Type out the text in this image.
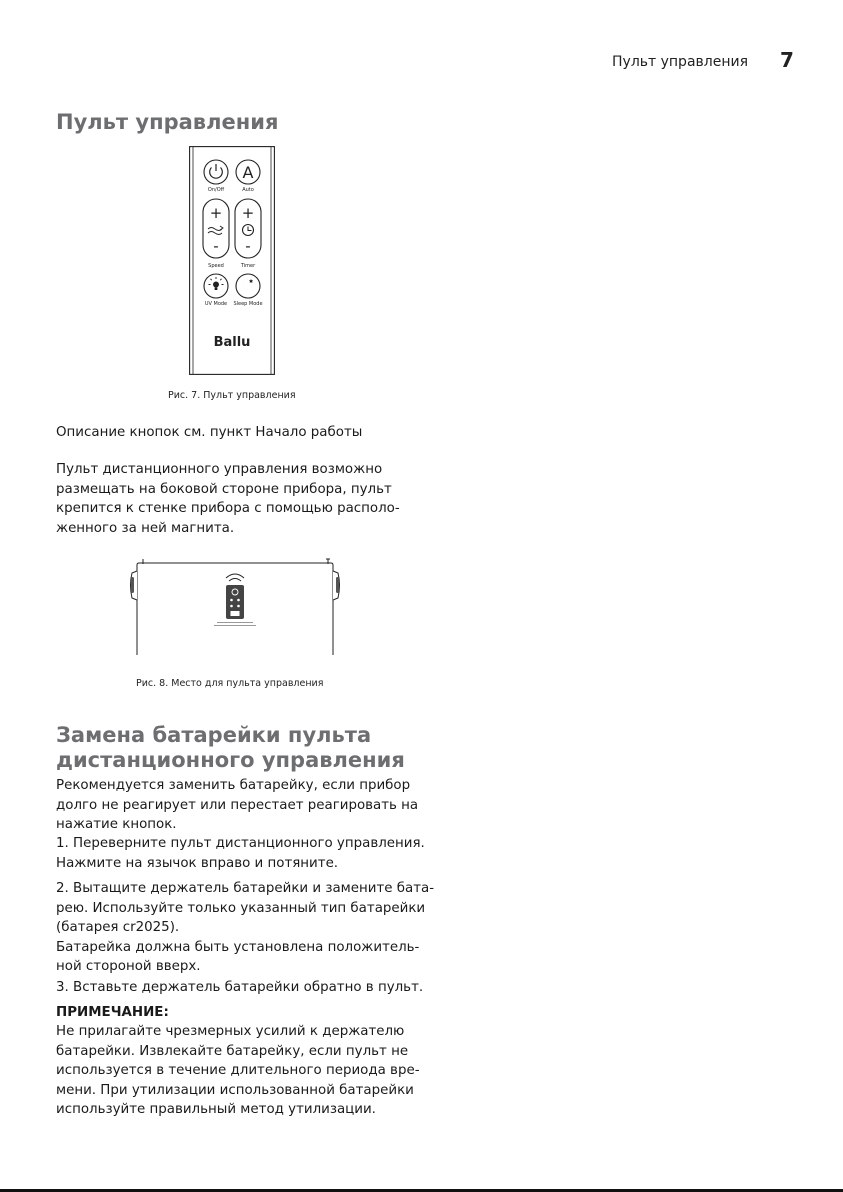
Пульт управления 7
Пульт управления
On/Off
A
Auto
+
-
Speed
+
-
Timer
UV Mode Sleep Mode
Ballu
Рис. 7. Пульт управления
Описание кнопок см. пункт Начало работы
Пульт дистанционного управления возможно
размещать на боковой стороне прибора, пульт
крепится к стенке прибора с помощью располо-
женного за ней магнита.
Рис. 8. Место для пульта управления
Замена батарейки пульта
дистанционного управления
Рекомендуется заменить батарейку, если прибор
долго не реагирует или перестает реагировать на
нажатие кнопок.
1. Переверните пульт дистанционного управления.
Нажмите на язычок вправо и потяните.
2. Вытащите держатель батарейки и замените бата-
рею. Используйте только указанный тип батарейки
(батарея cr2025).
Батарейка должна быть установлена положитель-
ной стороной вверх.
3. Вставьте держатель батарейки обратно в пульт.
ПРИМЕЧАНИЕ:
Не прилагайте чрезмерных усилий к держателю
батарейки. Извлекайте батарейку, если пульт не
используется в течение длительного периода вре-
мени. При утилизации использованной батарейки
используйте правильный метод утилизации.
